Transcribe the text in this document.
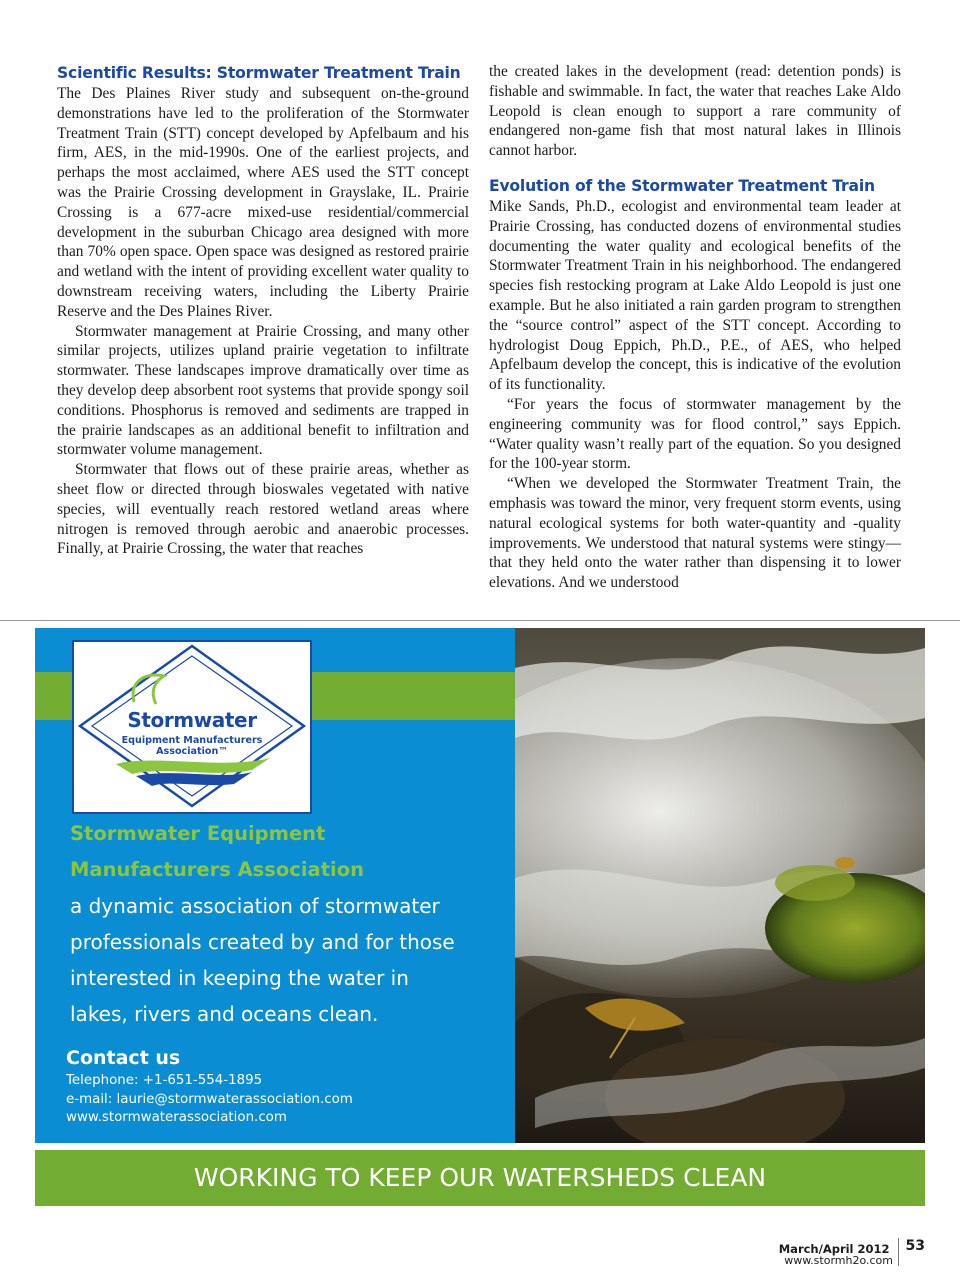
Scientific Results: Stormwater Treatment Train

The Des Plaines River study and subsequent on-the-ground demonstrations have led to the proliferation of the Stormwater Treatment Train (STT) concept developed by Apfelbaum and his firm, AES, in the mid-1990s. One of the earliest projects, and perhaps the most acclaimed, where AES used the STT concept was the Prairie Crossing development in Grayslake, IL. Prairie Crossing is a 677-acre mixed-use residential/commercial development in the suburban Chicago area designed with more than 70% open space. Open space was designed as restored prairie and wetland with the intent of providing excellent water quality to downstream receiving waters, including the Liberty Prairie Reserve and the Des Plaines River.

Stormwater management at Prairie Crossing, and many other similar projects, utilizes upland prairie vegetation to infiltrate stormwater. These landscapes improve dramatically over time as they develop deep absorbent root systems that provide spongy soil conditions. Phosphorus is removed and sediments are trapped in the prairie landscapes as an additional benefit to infiltration and stormwater volume management.

Stormwater that flows out of these prairie areas, whether as sheet flow or directed through bioswales vegetated with native species, will eventually reach restored wetland areas where nitrogen is removed through aerobic and anaerobic processes. Finally, at Prairie Crossing, the water that reaches

the created lakes in the development (read: detention ponds) is fishable and swimmable. In fact, the water that reaches Lake Aldo Leopold is clean enough to support a rare community of endangered non-game fish that most natural lakes in Illinois cannot harbor.

Evolution of the Stormwater Treatment Train

Mike Sands, Ph.D., ecologist and environmental team leader at Prairie Crossing, has conducted dozens of environmental studies documenting the water quality and ecological benefits of the Stormwater Treatment Train in his neighborhood. The endangered species fish restocking program at Lake Aldo Leopold is just one example. But he also initiated a rain garden program to strengthen the “source control” aspect of the STT concept. According to hydrologist Doug Eppich, Ph.D., P.E., of AES, who helped Apfelbaum develop the concept, this is indicative of the evolution of its functionality.

“For years the focus of stormwater management by the engineering community was for flood control,” says Eppich. “Water quality wasn’t really part of the equation. So you designed for the 100-year storm.

“When we developed the Stormwater Treatment Train, the emphasis was toward the minor, very frequent storm events, using natural ecological systems for both water-quantity and -quality improvements. We understood that natural systems were stingy—that they held onto the water rather than dispensing it to lower elevations. And we understood

Stormwater
Equipment Manufacturers
Association™
Stormwater Equipment
Manufacturers Association
a dynamic association of stormwater
professionals created by and for those
interested in keeping the water in
lakes, rivers and oceans clean.
Contact us
Telephone: +1-651-554-1895
e-mail: laurie@stormwaterassociation.com
www.stormwaterassociation.com
WORKING TO KEEP OUR WATERSHEDS CLEAN
March/April 2012 53
www.stormh2o.com
